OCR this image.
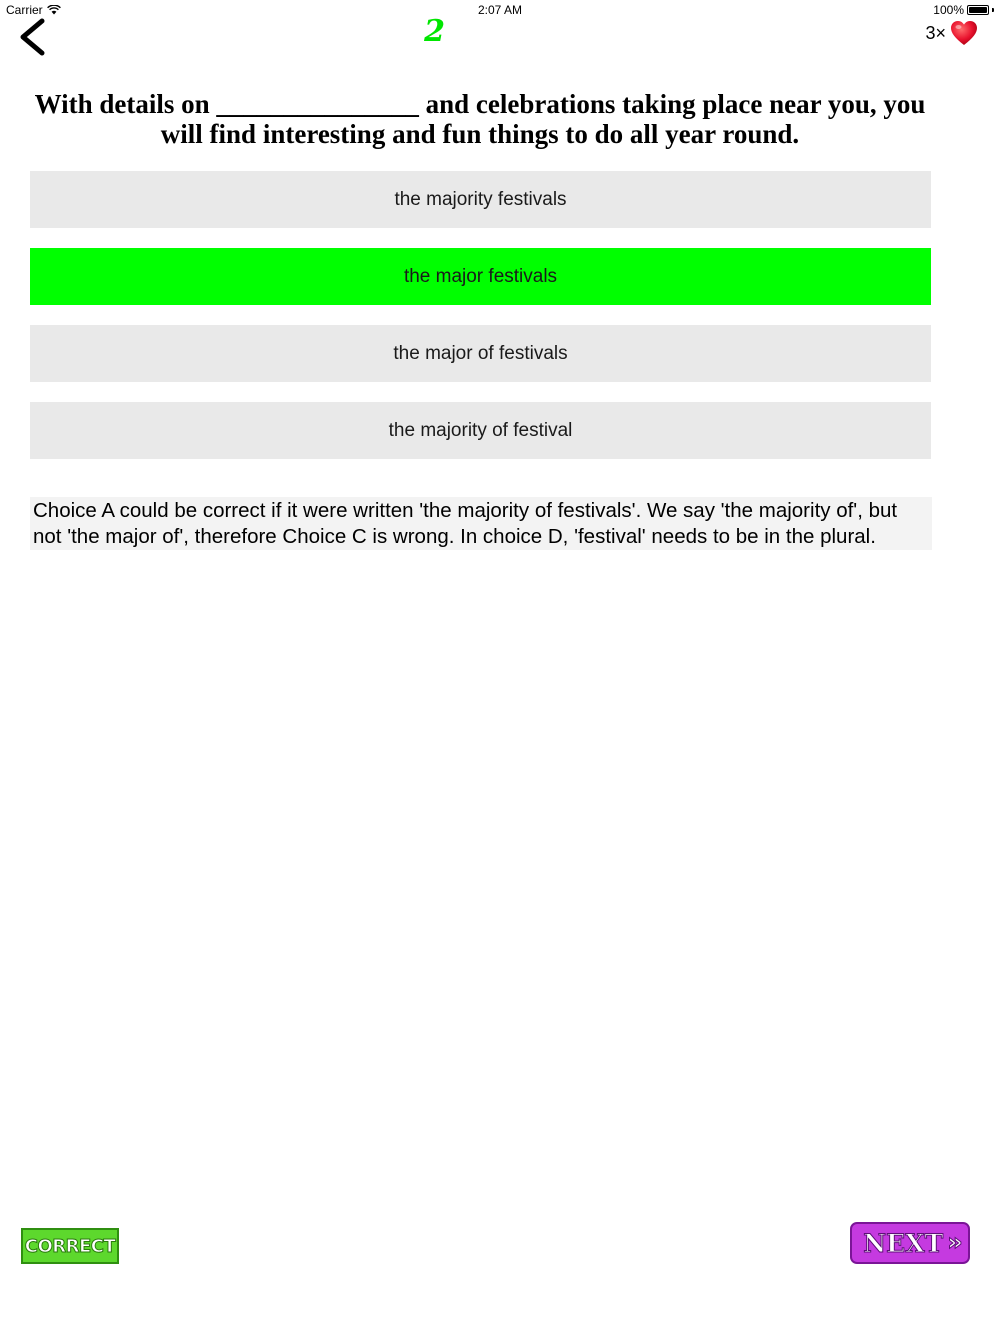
Carrier	2:07 AM	100%
2	3×
With details on _______________ and celebrations taking place near you, you
will find interesting and fun things to do all year round.
the majority festivals
the major festivals
the major of festivals
the majority of festival
Choice A could be correct if it were written 'the majority of festivals'. We say 'the majority of', but not 'the major of', therefore Choice C is wrong. In choice D, 'festival' needs to be in the plural.
CORRECT	NEXT »
